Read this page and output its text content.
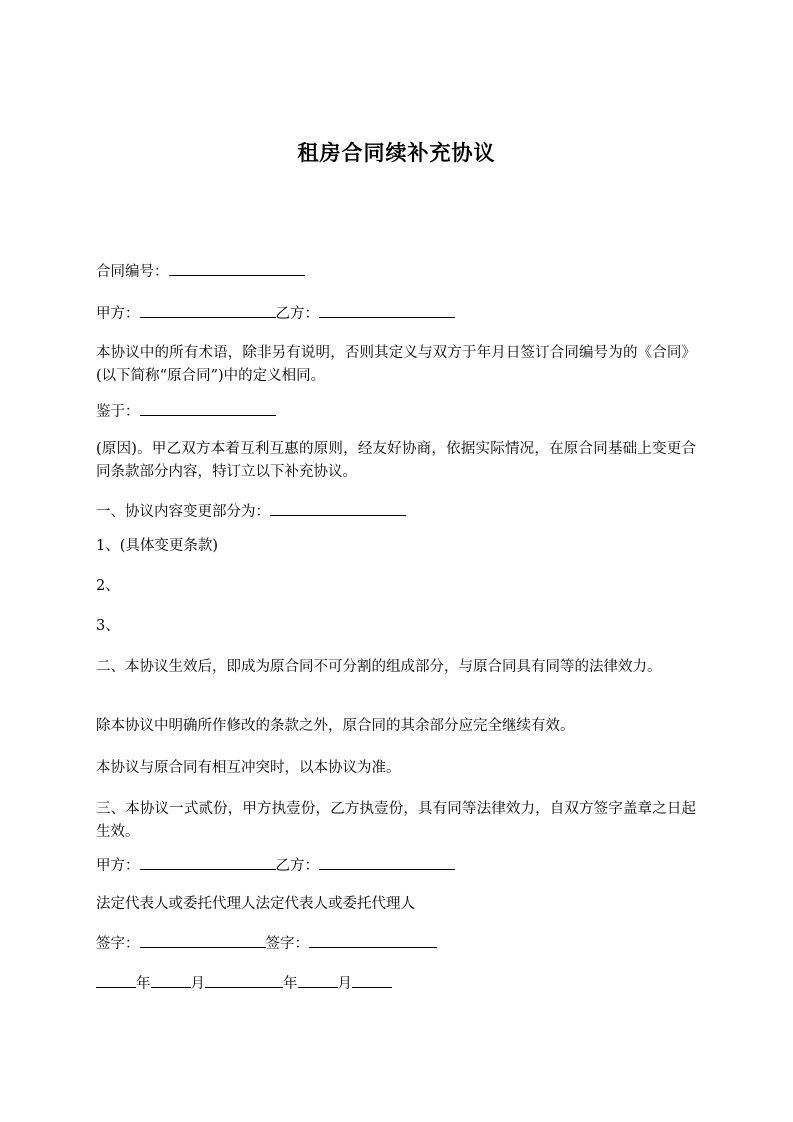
租房合同续补充协议
合同编号：
甲方：	乙方：
本协议中的所有术语，除非另有说明，否则其定义与双方于年月日签订合同编号为的《合同》(以下简称“原合同”)中的定义相同。
鉴于：
(原因)。甲乙双方本着互利互惠的原则，经友好协商，依据实际情况，在原合同基础上变更合同条款部分内容，特订立以下补充协议。
一、协议内容变更部分为：
1、(具体变更条款)
2、
3、
二、本协议生效后，即成为原合同不可分割的组成部分，与原合同具有同等的法律效力。
除本协议中明确所作修改的条款之外，原合同的其余部分应完全继续有效。
本协议与原合同有相互冲突时，以本协议为准。
三、本协议一式贰份，甲方执壹份，乙方执壹份，具有同等法律效力，自双方签字盖章之日起生效。
甲方：	乙方：
法定代表人或委托代理人法定代表人或委托代理人
签字：	签字：
年	月	年	月
